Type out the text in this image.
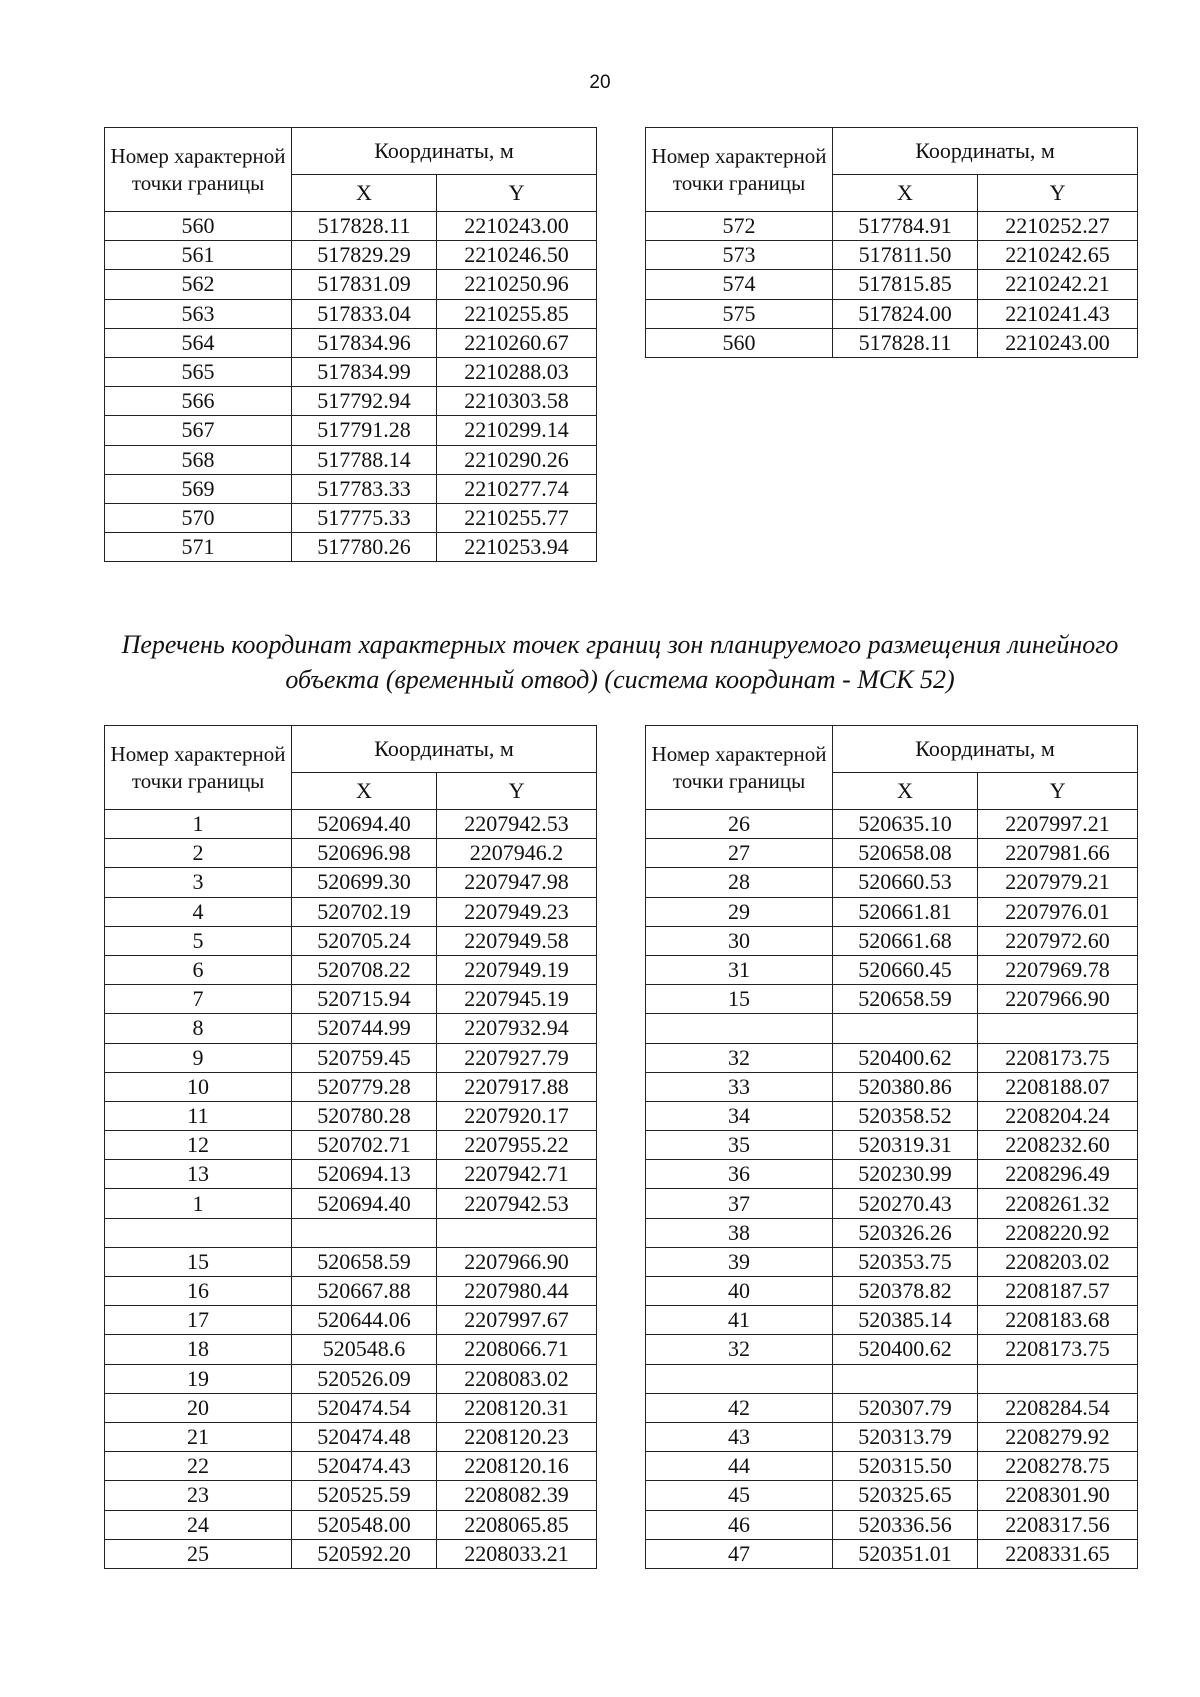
20
Номер характерной точки границы	Координаты, м	
	X	Y
560	517828.11	2210243.00
561	517829.29	2210246.50
562	517831.09	2210250.96
563	517833.04	2210255.85
564	517834.96	2210260.67
565	517834.99	2210288.03
566	517792.94	2210303.58
567	517791.28	2210299.14
568	517788.14	2210290.26
569	517783.33	2210277.74
570	517775.33	2210255.77
571	517780.26	2210253.94
Номер характерной точки границы	Координаты, м	
	X	Y
572	517784.91	2210252.27
573	517811.50	2210242.65
574	517815.85	2210242.21
575	517824.00	2210241.43
560	517828.11	2210243.00
Перечень координат характерных точек границ зон планируемого размещения линейного объекта (временный отвод) (система координат - МСК 52)
Номер характерной точки границы	Координаты, м	
	X	Y
1	520694.40	2207942.53
2	520696.98	2207946.2
3	520699.30	2207947.98
4	520702.19	2207949.23
5	520705.24	2207949.58
6	520708.22	2207949.19
7	520715.94	2207945.19
8	520744.99	2207932.94
9	520759.45	2207927.79
10	520779.28	2207917.88
11	520780.28	2207920.17
12	520702.71	2207955.22
13	520694.13	2207942.71
1	520694.40	2207942.53

15	520658.59	2207966.90
16	520667.88	2207980.44
17	520644.06	2207997.67
18	520548.6	2208066.71
19	520526.09	2208083.02
20	520474.54	2208120.31
21	520474.48	2208120.23
22	520474.43	2208120.16
23	520525.59	2208082.39
24	520548.00	2208065.85
25	520592.20	2208033.21
Номер характерной точки границы	Координаты, м	
	X	Y
26	520635.10	2207997.21
27	520658.08	2207981.66
28	520660.53	2207979.21
29	520661.81	2207976.01
30	520661.68	2207972.60
31	520660.45	2207969.78
15	520658.59	2207966.90

32	520400.62	2208173.75
33	520380.86	2208188.07
34	520358.52	2208204.24
35	520319.31	2208232.60
36	520230.99	2208296.49
37	520270.43	2208261.32
38	520326.26	2208220.92
39	520353.75	2208203.02
40	520378.82	2208187.57
41	520385.14	2208183.68
32	520400.62	2208173.75

42	520307.79	2208284.54
43	520313.79	2208279.92
44	520315.50	2208278.75
45	520325.65	2208301.90
46	520336.56	2208317.56
47	520351.01	2208331.65
